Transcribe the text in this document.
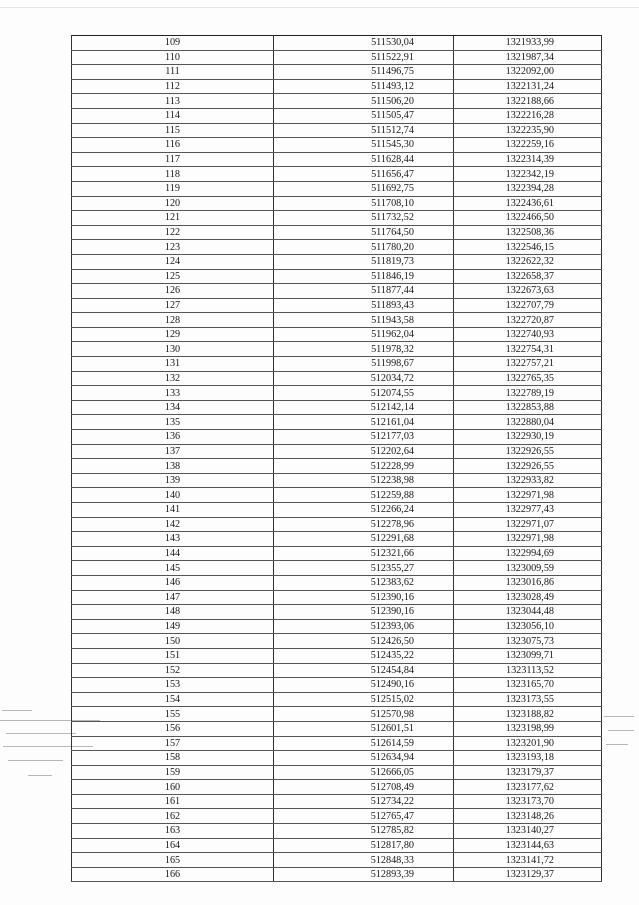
109	511530,04	1321933,99
110	511522,91	1321987,34
111	511496,75	1322092,00
112	511493,12	1322131,24
113	511506,20	1322188,66
114	511505,47	1322216,28
115	511512,74	1322235,90
116	511545,30	1322259,16
117	511628,44	1322314,39
118	511656,47	1322342,19
119	511692,75	1322394,28
120	511708,10	1322436,61
121	511732,52	1322466,50
122	511764,50	1322508,36
123	511780,20	1322546,15
124	511819,73	1322622,32
125	511846,19	1322658,37
126	511877,44	1322673,63
127	511893,43	1322707,79
128	511943,58	1322720,87
129	511962,04	1322740,93
130	511978,32	1322754,31
131	511998,67	1322757,21
132	512034,72	1322765,35
133	512074,55	1322789,19
134	512142,14	1322853,88
135	512161,04	1322880,04
136	512177,03	1322930,19
137	512202,64	1322926,55
138	512228,99	1322926,55
139	512238,98	1322933,82
140	512259,88	1322971,98
141	512266,24	1322977,43
142	512278,96	1322971,07
143	512291,68	1322971,98
144	512321,66	1322994,69
145	512355,27	1323009,59
146	512383,62	1323016,86
147	512390,16	1323028,49
148	512390,16	1323044,48
149	512393,06	1323056,10
150	512426,50	1323075,73
151	512435,22	1323099,71
152	512454,84	1323113,52
153	512490,16	1323165,70
154	512515,02	1323173,55
155	512570,98	1323188,82
156	512601,51	1323198,99
157	512614,59	1323201,90
158	512634,94	1323193,18
159	512666,05	1323179,37
160	512708,49	1323177,62
161	512734,22	1323173,70
162	512765,47	1323148,26
163	512785,82	1323140,27
164	512817,80	1323144,63
165	512848,33	1323141,72
166	512893,39	1323129,37
